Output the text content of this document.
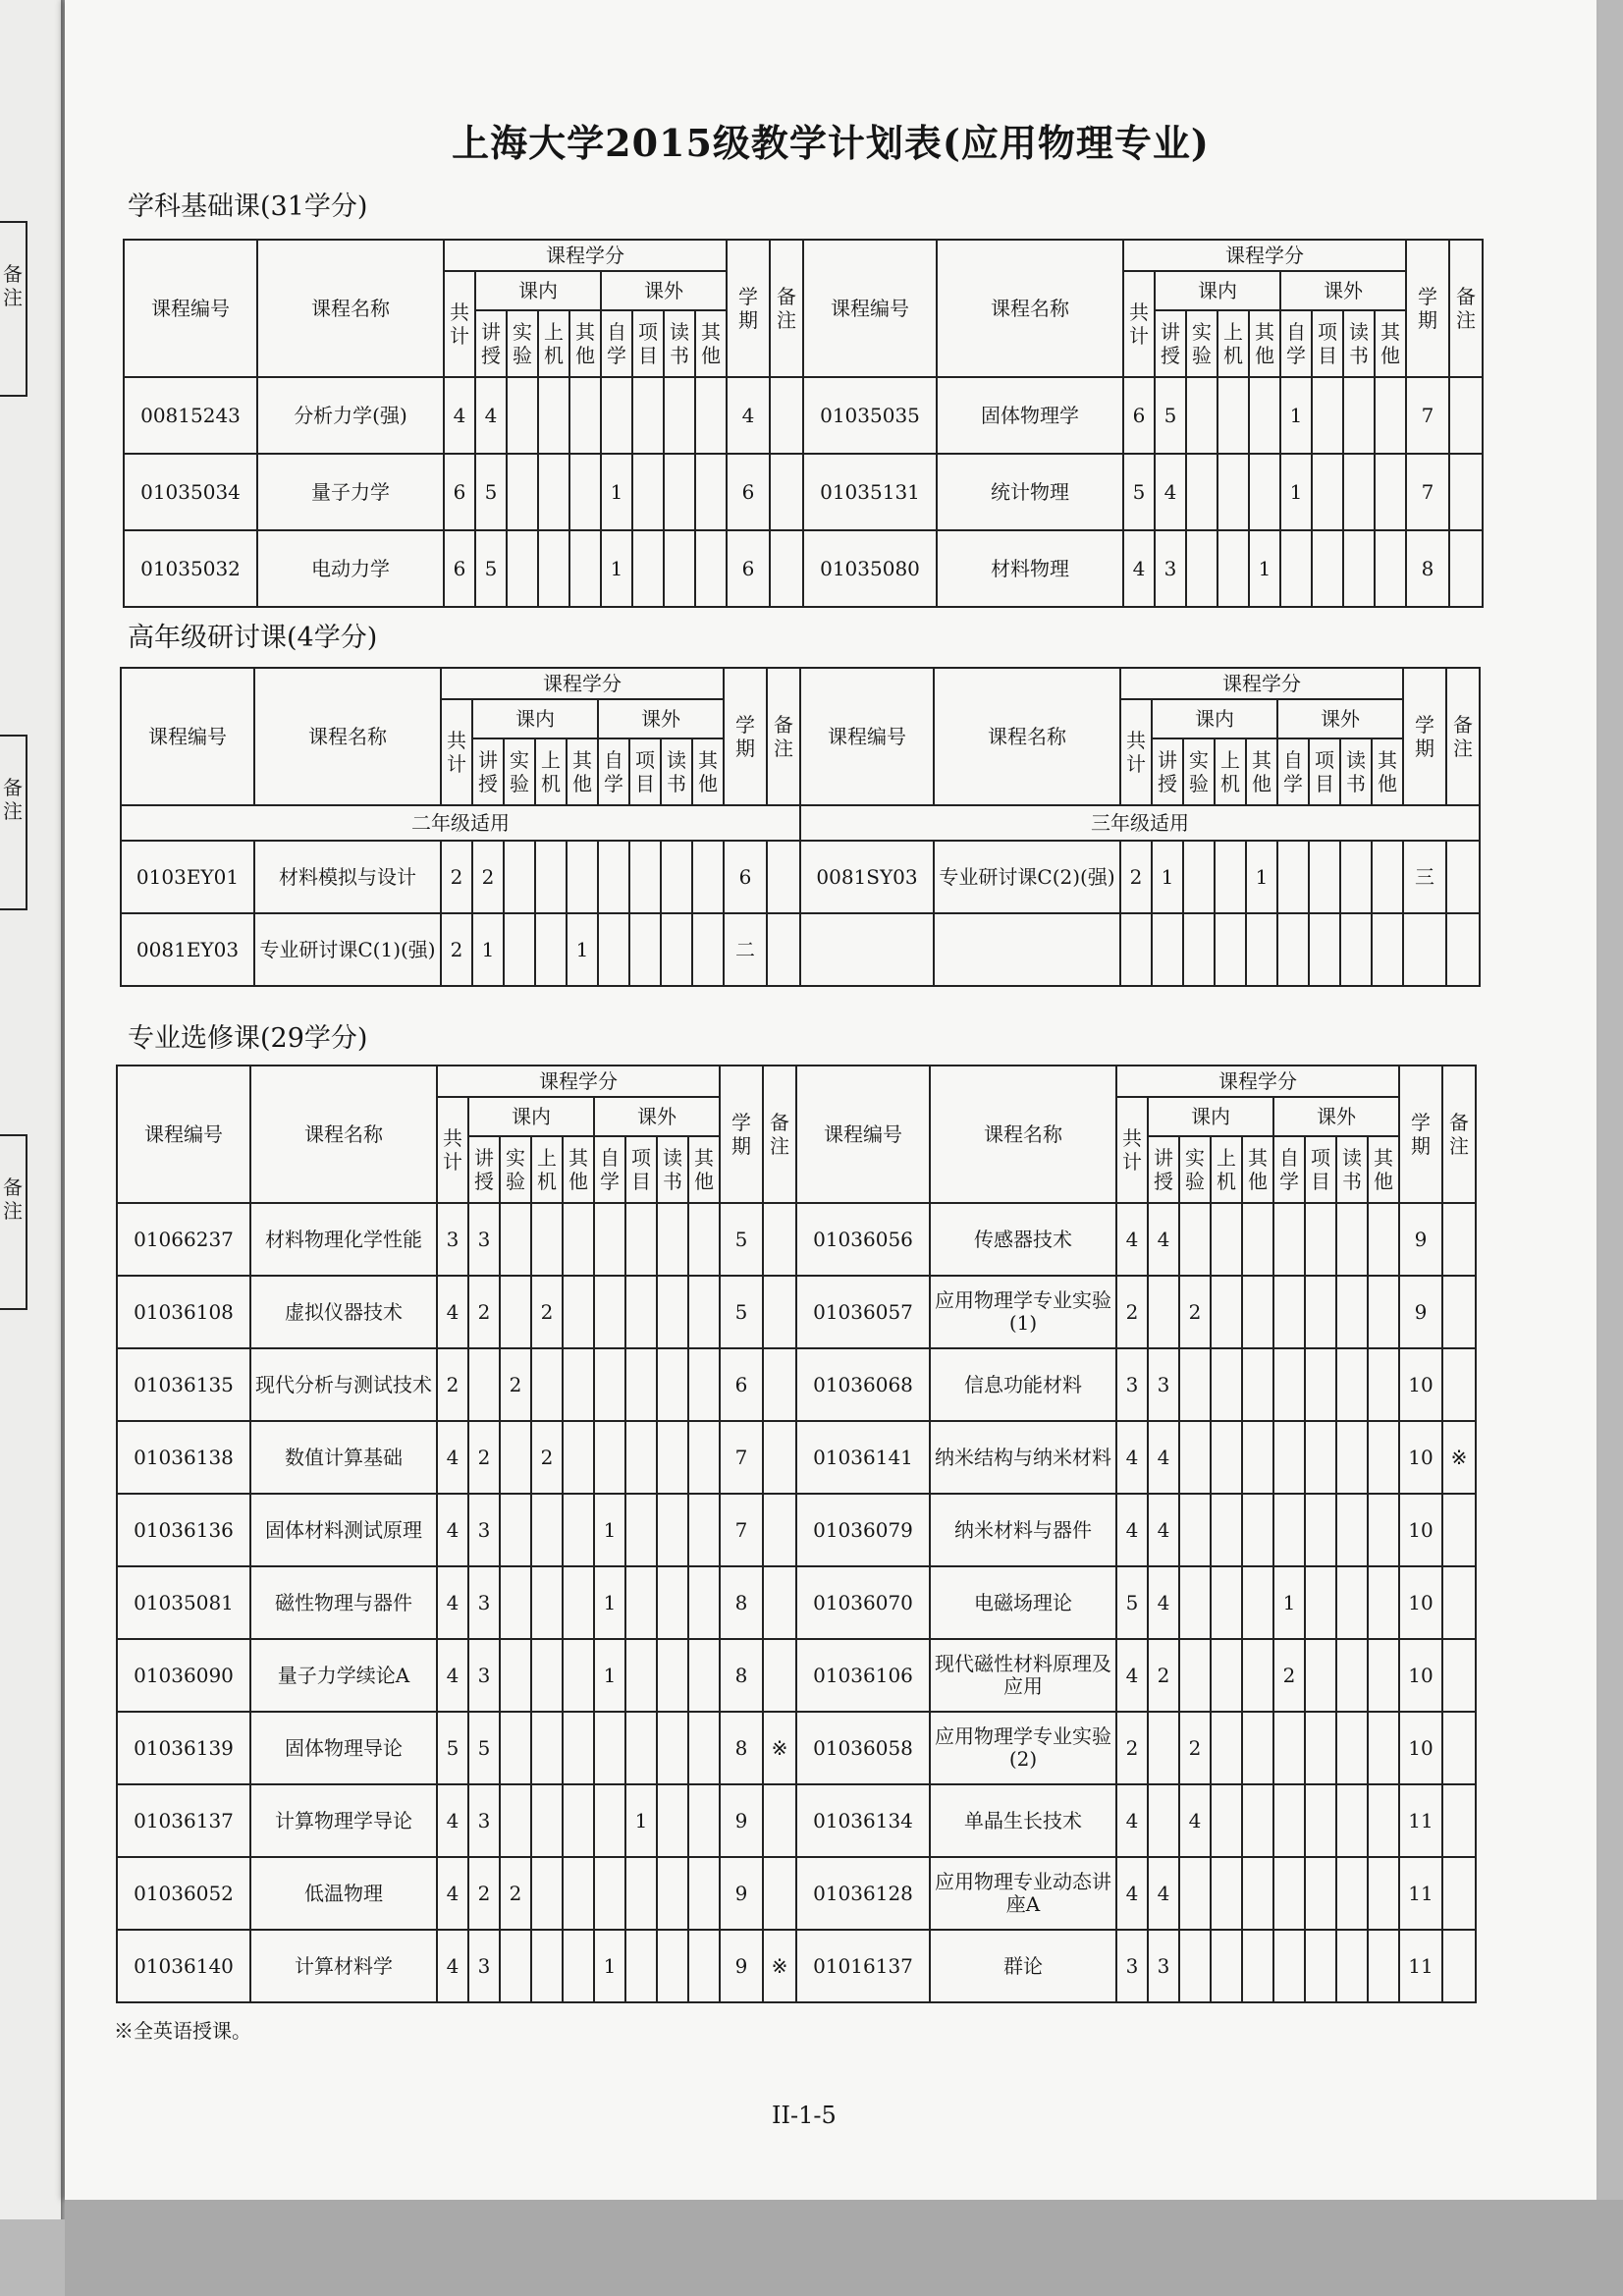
备注
备注
备注
上海大学2015级教学计划表(应用物理专业)
学科基础课(31学分)
课程编号	课程名称	课程学分									学期	备注	课程编号	课程名称	课程学分									学期	备注
		共计	课内				课外								共计	课内				课外					
			讲授	实验	上机	其他	自学	项目	读书	其他						讲授	实验	上机	其他	自学	项目	读书	其他		
00815243	分析力学(强)	4	4								4		01035035	固体物理学	6	5				1				7	
01035034	量子力学	6	5				1				6		01035131	统计物理	5	4				1				7	
01035032	电动力学	6	5				1				6		01035080	材料物理	4	3			1					8	
高年级研讨课(4学分)
课程编号	课程名称	课程学分									学期	备注	课程编号	课程名称	课程学分									学期	备注
		共计	课内				课外								共计	课内				课外					
			讲授	实验	上机	其他	自学	项目	读书	其他						讲授	实验	上机	其他	自学	项目	读书	其他		
二年级适用													三年级适用												
0103EY01	材料模拟与设计	2	2								6		0081SY03	专业研讨课C(2)(强)	2	1			1					三	
0081EY03	专业研讨课C(1)(强)	2	1			1					二														
专业选修课(29学分)
课程编号	课程名称	课程学分									学期	备注	课程编号	课程名称	课程学分									学期	备注
		共计	课内				课外								共计	课内				课外					
			讲授	实验	上机	其他	自学	项目	读书	其他						讲授	实验	上机	其他	自学	项目	读书	其他		
01066237	材料物理化学性能	3	3								5		01036056	传感器技术	4	4								9	
01036108	虚拟仪器技术	4	2		2						5		01036057	应用物理学专业实验(1)	2		2							9	
01036135	现代分析与测试技术	2		2							6		01036068	信息功能材料	3	3								10	
01036138	数值计算基础	4	2		2						7		01036141	纳米结构与纳米材料	4	4								10	※
01036136	固体材料测试原理	4	3				1				7		01036079	纳米材料与器件	4	4								10	
01035081	磁性物理与器件	4	3				1				8		01036070	电磁场理论	5	4				1				10	
01036090	量子力学续论A	4	3				1				8		01036106	现代磁性材料原理及应用	4	2				2				10	
01036139	固体物理导论	5	5								8	※	01036058	应用物理学专业实验(2)	2		2							10	
01036137	计算物理学导论	4	3					1			9		01036134	单晶生长技术	4		4							11	
01036052	低温物理	4	2	2							9		01036128	应用物理专业动态讲座A	4	4								11	
01036140	计算材料学	4	3				1				9	※	01016137	群论	3	3								11	
※全英语授课。
II-1-5
